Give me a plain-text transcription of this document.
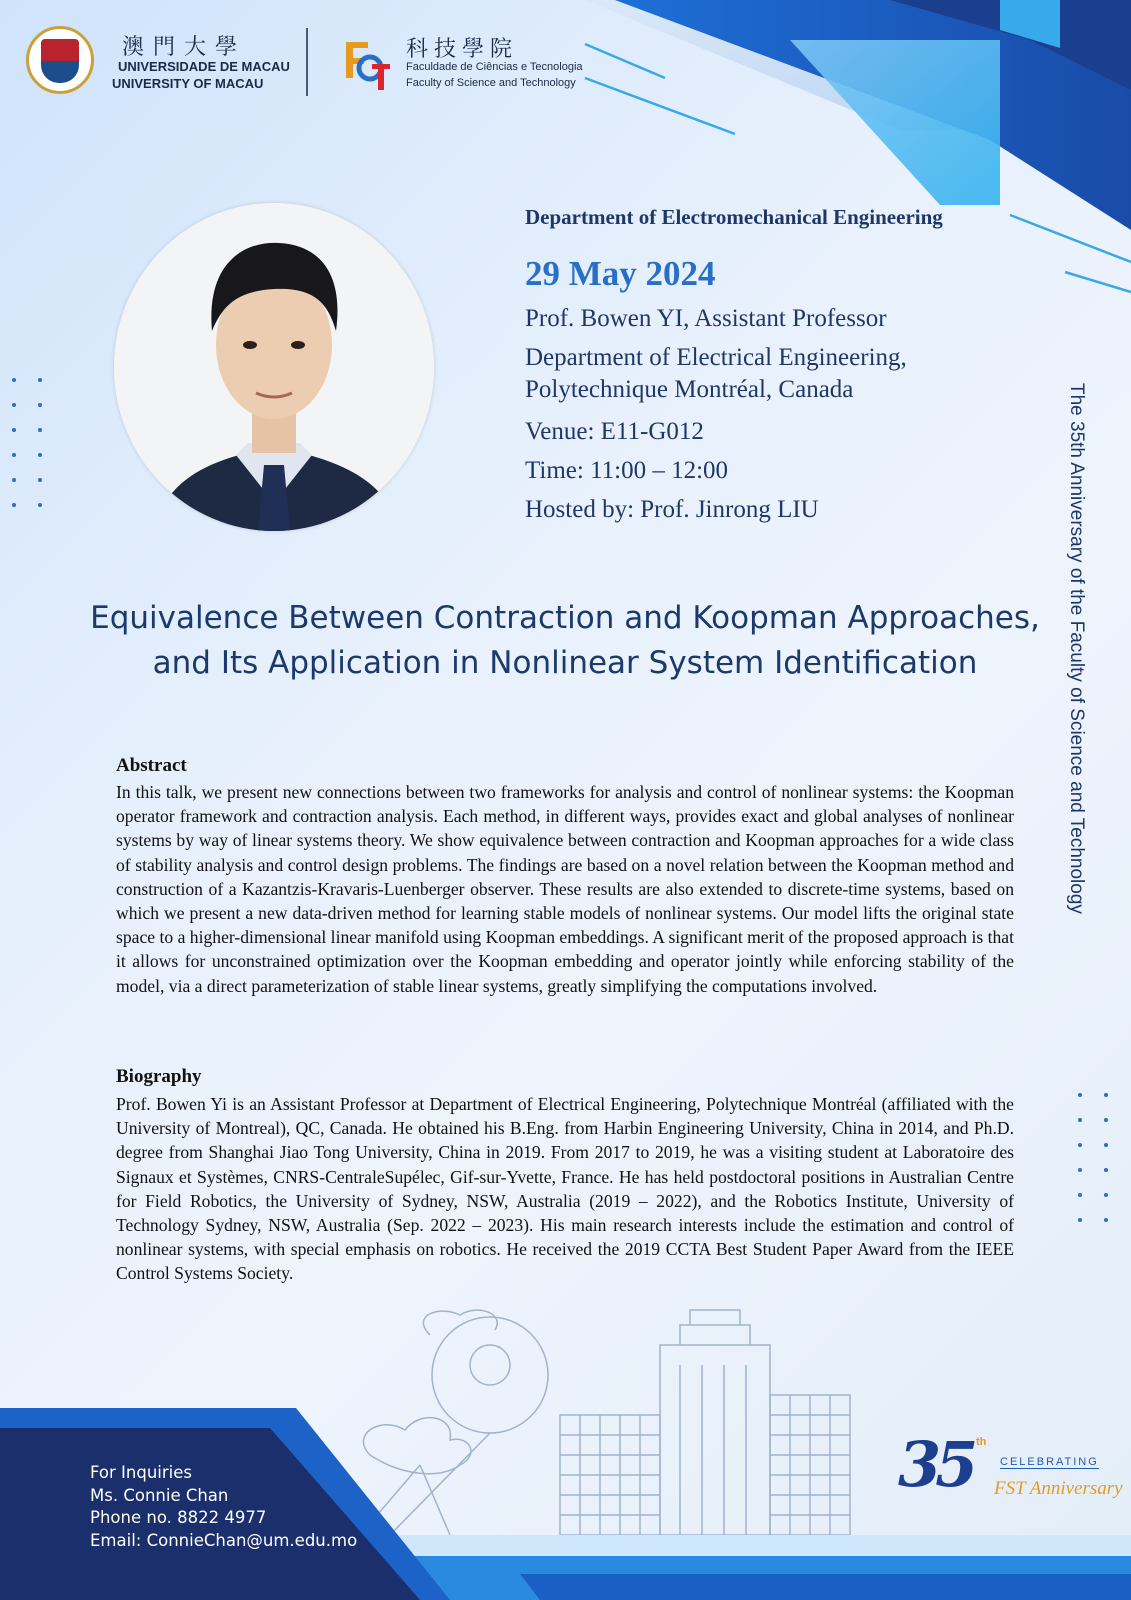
澳門大學
UNIVERSIDADE DE MACAU
UNIVERSITY OF MACAU
科技學院
Faculdade de Ciências e Tecnologia
Faculty of Science and Technology
Department of Electromechanical Engineering
29 May 2024
Prof. Bowen YI, Assistant Professor
Department of Electrical Engineering,
Polytechnique Montréal, Canada
Venue: E11-G012
Time: 11:00 – 12:00
Hosted by: Prof. Jinrong LIU	The 35th Anniversary of the Faculty of Science and Technology
Equivalence Between Contraction and Koopman Approaches, and Its Application in Nonlinear System Identification
Abstract
In this talk, we present new connections between two frameworks for analysis and control of nonlinear systems: the Koopman operator framework and contraction analysis. Each method, in different ways, provides exact and global analyses of nonlinear systems by way of linear systems theory. We show equivalence between contraction and Koopman approaches for a wide class of stability analysis and control design problems. The findings are based on a novel relation between the Koopman method and construction of a Kazantzis-Kravaris-Luenberger observer. These results are also extended to discrete-time systems, based on which we present a new data-driven method for learning stable models of nonlinear systems. Our model lifts the original state space to a higher-dimensional linear manifold using Koopman embeddings. A significant merit of the proposed approach is that it allows for unconstrained optimization over the Koopman embedding and operator jointly while enforcing stability of the model, via a direct parameterization of stable linear systems, greatly simplifying the computations involved.
Biography
Prof. Bowen Yi is an Assistant Professor at Department of Electrical Engineering, Polytechnique Montréal (affiliated with the University of Montreal), QC, Canada. He obtained his B.Eng. from Harbin Engineering University, China in 2014, and Ph.D. degree from Shanghai Jiao Tong University, China in 2019. From 2017 to 2019, he was a visiting student at Laboratoire des Signaux et Systèmes, CNRS-CentraleSupélec, Gif-sur-Yvette, France. He has held postdoctoral positions in Australian Centre for Field Robotics, the University of Sydney, NSW, Australia (2019 – 2022), and the Robotics Institute, University of Technology Sydney, NSW, Australia (Sep. 2022 – 2023). His main research interests include the estimation and control of nonlinear systems, with special emphasis on robotics. He received the 2019 CCTA Best Student Paper Award from the IEEE Control Systems Society.
For Inquiries
Ms. Connie Chan
Phone no. 8822 4977
Email: ConnieChan@um.edu.mo
35 th
CELEBRATING
FST Anniversary
